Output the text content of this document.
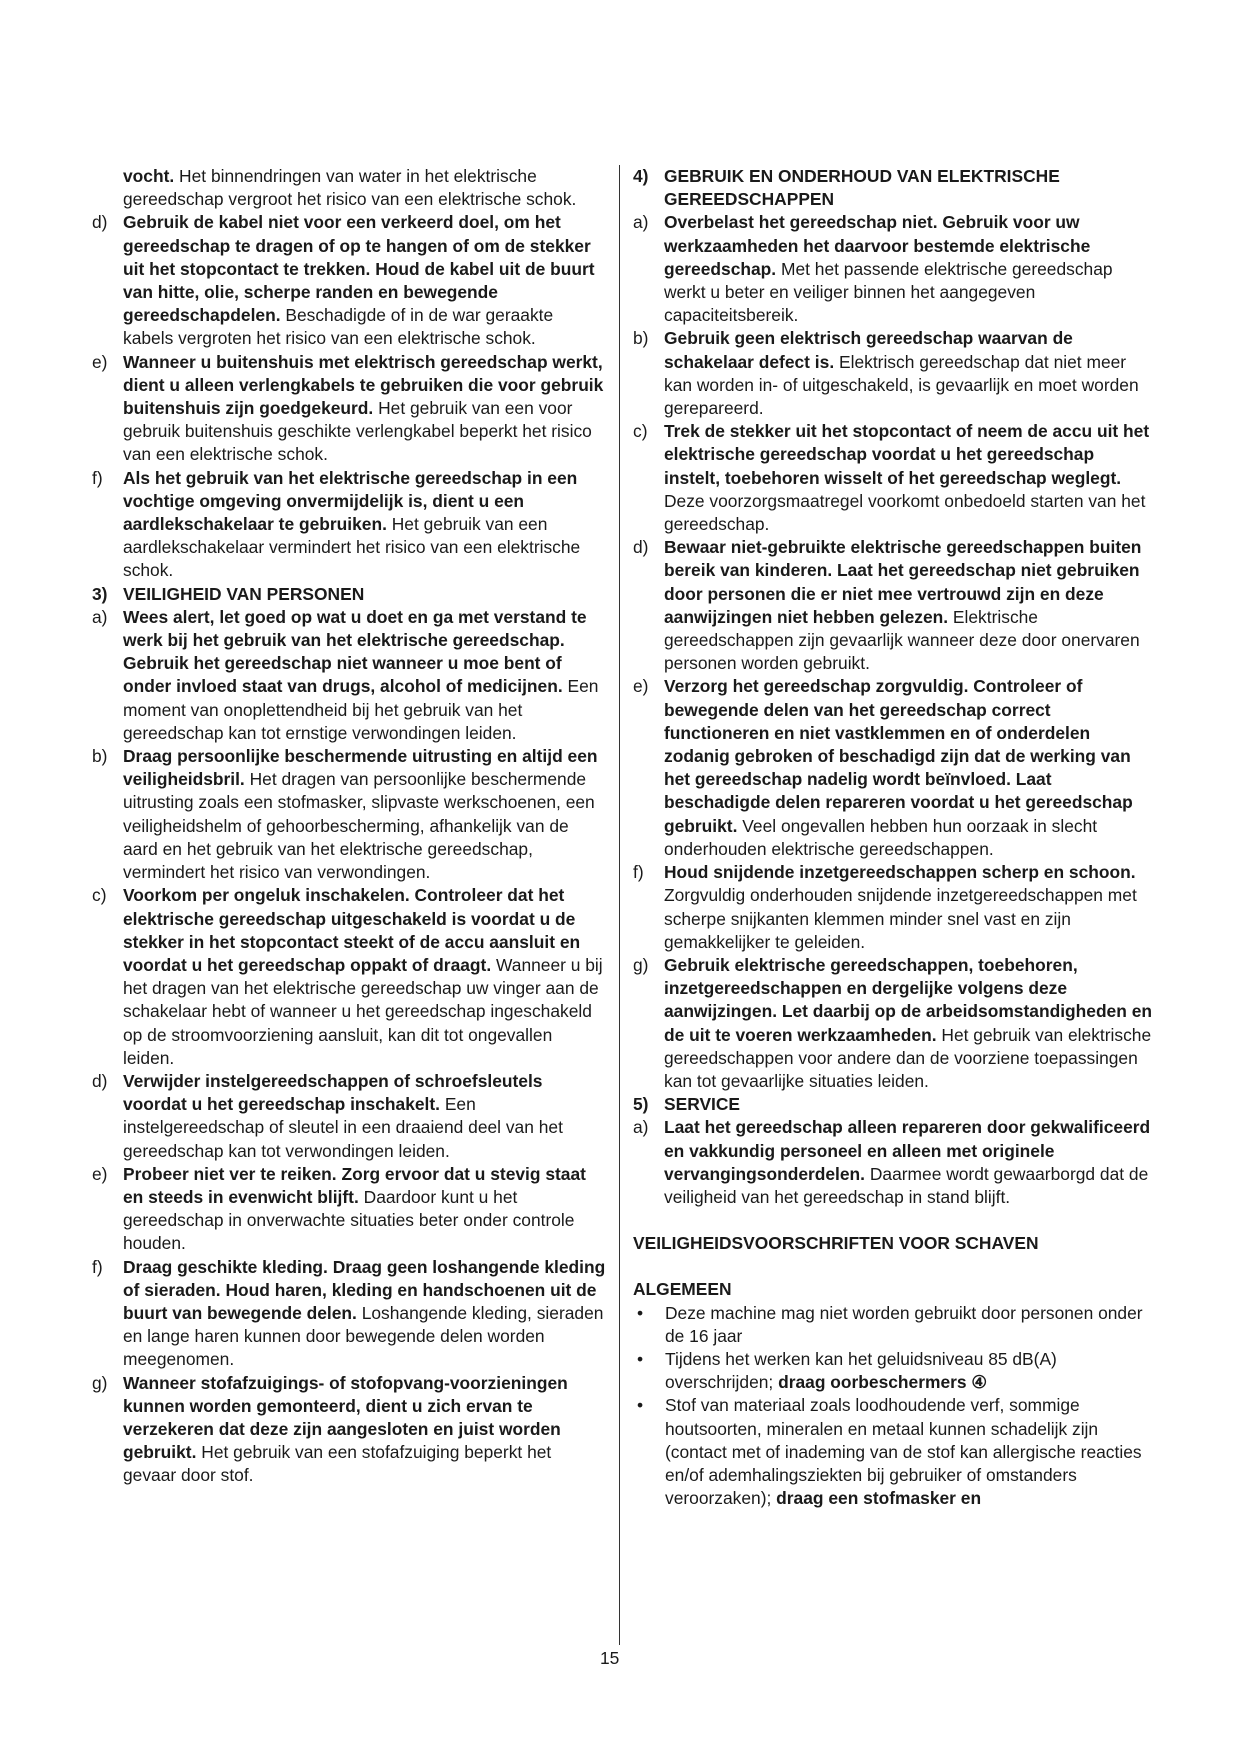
vocht. Het binnendringen van water in het elektrische gereedschap vergroot het risico van een elektrische schok.
d) Gebruik de kabel niet voor een verkeerd doel, om het gereedschap te dragen of op te hangen of om de stekker uit het stopcontact te trekken. Houd de kabel uit de buurt van hitte, olie, scherpe randen en bewegende gereedschapdelen. Beschadigde of in de war geraakte kabels vergroten het risico van een elektrische schok.
e) Wanneer u buitenshuis met elektrisch gereedschap werkt, dient u alleen verlengkabels te gebruiken die voor gebruik buitenshuis zijn goedgekeurd. Het gebruik van een voor gebruik buitenshuis geschikte verlengkabel beperkt het risico van een elektrische schok.
f) Als het gebruik van het elektrische gereedschap in een vochtige omgeving onvermijdelijk is, dient u een aardlekschakelaar te gebruiken. Het gebruik van een aardlekschakelaar vermindert het risico van een elektrische schok.
3) VEILIGHEID VAN PERSONEN
a) Wees alert, let goed op wat u doet en ga met verstand te werk bij het gebruik van het elektrische gereedschap. Gebruik het gereedschap niet wanneer u moe bent of onder invloed staat van drugs, alcohol of medicijnen. Een moment van onoplettendheid bij het gebruik van het gereedschap kan tot ernstige verwondingen leiden.
b) Draag persoonlijke beschermende uitrusting en altijd een veiligheidsbril. Het dragen van persoonlijke beschermende uitrusting zoals een stofmasker, slipvaste werkschoenen, een veiligheidshelm of gehoorbescherming, afhankelijk van de aard en het gebruik van het elektrische gereedschap, vermindert het risico van verwondingen.
c) Voorkom per ongeluk inschakelen. Controleer dat het elektrische gereedschap uitgeschakeld is voordat u de stekker in het stopcontact steekt of de accu aansluit en voordat u het gereedschap oppakt of draagt. Wanneer u bij het dragen van het elektrische gereedschap uw vinger aan de schakelaar hebt of wanneer u het gereedschap ingeschakeld op de stroomvoorziening aansluit, kan dit tot ongevallen leiden.
d) Verwijder instelgereedschappen of schroefsleutels voordat u het gereedschap inschakelt. Een instelgereedschap of sleutel in een draaiend deel van het gereedschap kan tot verwondingen leiden.
e) Probeer niet ver te reiken. Zorg ervoor dat u stevig staat en steeds in evenwicht blijft. Daardoor kunt u het gereedschap in onverwachte situaties beter onder controle houden.
f) Draag geschikte kleding. Draag geen loshangende kleding of sieraden. Houd haren, kleding en handschoenen uit de buurt van bewegende delen. Loshangende kleding, sieraden en lange haren kunnen door bewegende delen worden meegenomen.
g) Wanneer stofafzuigings- of stofopvang-voorzieningen kunnen worden gemonteerd, dient u zich ervan te verzekeren dat deze zijn aangesloten en juist worden gebruikt. Het gebruik van een stofafzuiging beperkt het gevaar door stof.
4) GEBRUIK EN ONDERHOUD VAN ELEKTRISCHE GEREEDSCHAPPEN
a) Overbelast het gereedschap niet. Gebruik voor uw werkzaamheden het daarvoor bestemde elektrische gereedschap. Met het passende elektrische gereedschap werkt u beter en veiliger binnen het aangegeven capaciteitsbereik.
b) Gebruik geen elektrisch gereedschap waarvan de schakelaar defect is. Elektrisch gereedschap dat niet meer kan worden in- of uitgeschakeld, is gevaarlijk en moet worden gerepareerd.
c) Trek de stekker uit het stopcontact of neem de accu uit het elektrische gereedschap voordat u het gereedschap instelt, toebehoren wisselt of het gereedschap weglegt. Deze voorzorgsmaatregel voorkomt onbedoeld starten van het gereedschap.
d) Bewaar niet-gebruikte elektrische gereedschappen buiten bereik van kinderen. Laat het gereedschap niet gebruiken door personen die er niet mee vertrouwd zijn en deze aanwijzingen niet hebben gelezen. Elektrische gereedschappen zijn gevaarlijk wanneer deze door onervaren personen worden gebruikt.
e) Verzorg het gereedschap zorgvuldig. Controleer of bewegende delen van het gereedschap correct functioneren en niet vastklemmen en of onderdelen zodanig gebroken of beschadigd zijn dat de werking van het gereedschap nadelig wordt beïnvloed. Laat beschadigde delen repareren voordat u het gereedschap gebruikt. Veel ongevallen hebben hun oorzaak in slecht onderhouden elektrische gereedschappen.
f) Houd snijdende inzetgereedschappen scherp en schoon. Zorgvuldig onderhouden snijdende inzetgereedschappen met scherpe snijkanten klemmen minder snel vast en zijn gemakkelijker te geleiden.
g) Gebruik elektrische gereedschappen, toebehoren, inzetgereedschappen en dergelijke volgens deze aanwijzingen. Let daarbij op de arbeidsomstandigheden en de uit te voeren werkzaamheden. Het gebruik van elektrische gereedschappen voor andere dan de voorziene toepassingen kan tot gevaarlijke situaties leiden.
5) SERVICE
a) Laat het gereedschap alleen repareren door gekwalificeerd en vakkundig personeel en alleen met originele vervangingsonderdelen. Daarmee wordt gewaarborgd dat de veiligheid van het gereedschap in stand blijft.
VEILIGHEIDSVOORSCHRIFTEN VOOR SCHAVEN
ALGEMEEN
• Deze machine mag niet worden gebruikt door personen onder de 16 jaar
• Tijdens het werken kan het geluidsniveau 85 dB(A) overschrijden; draag oorbeschermers ④
• Stof van materiaal zoals loodhoudende verf, sommige houtsoorten, mineralen en metaal kunnen schadelijk zijn (contact met of inademing van de stof kan allergische reacties en/of ademhalingsziekten bij gebruiker of omstanders veroorzaken); draag een stofmasker en
15
